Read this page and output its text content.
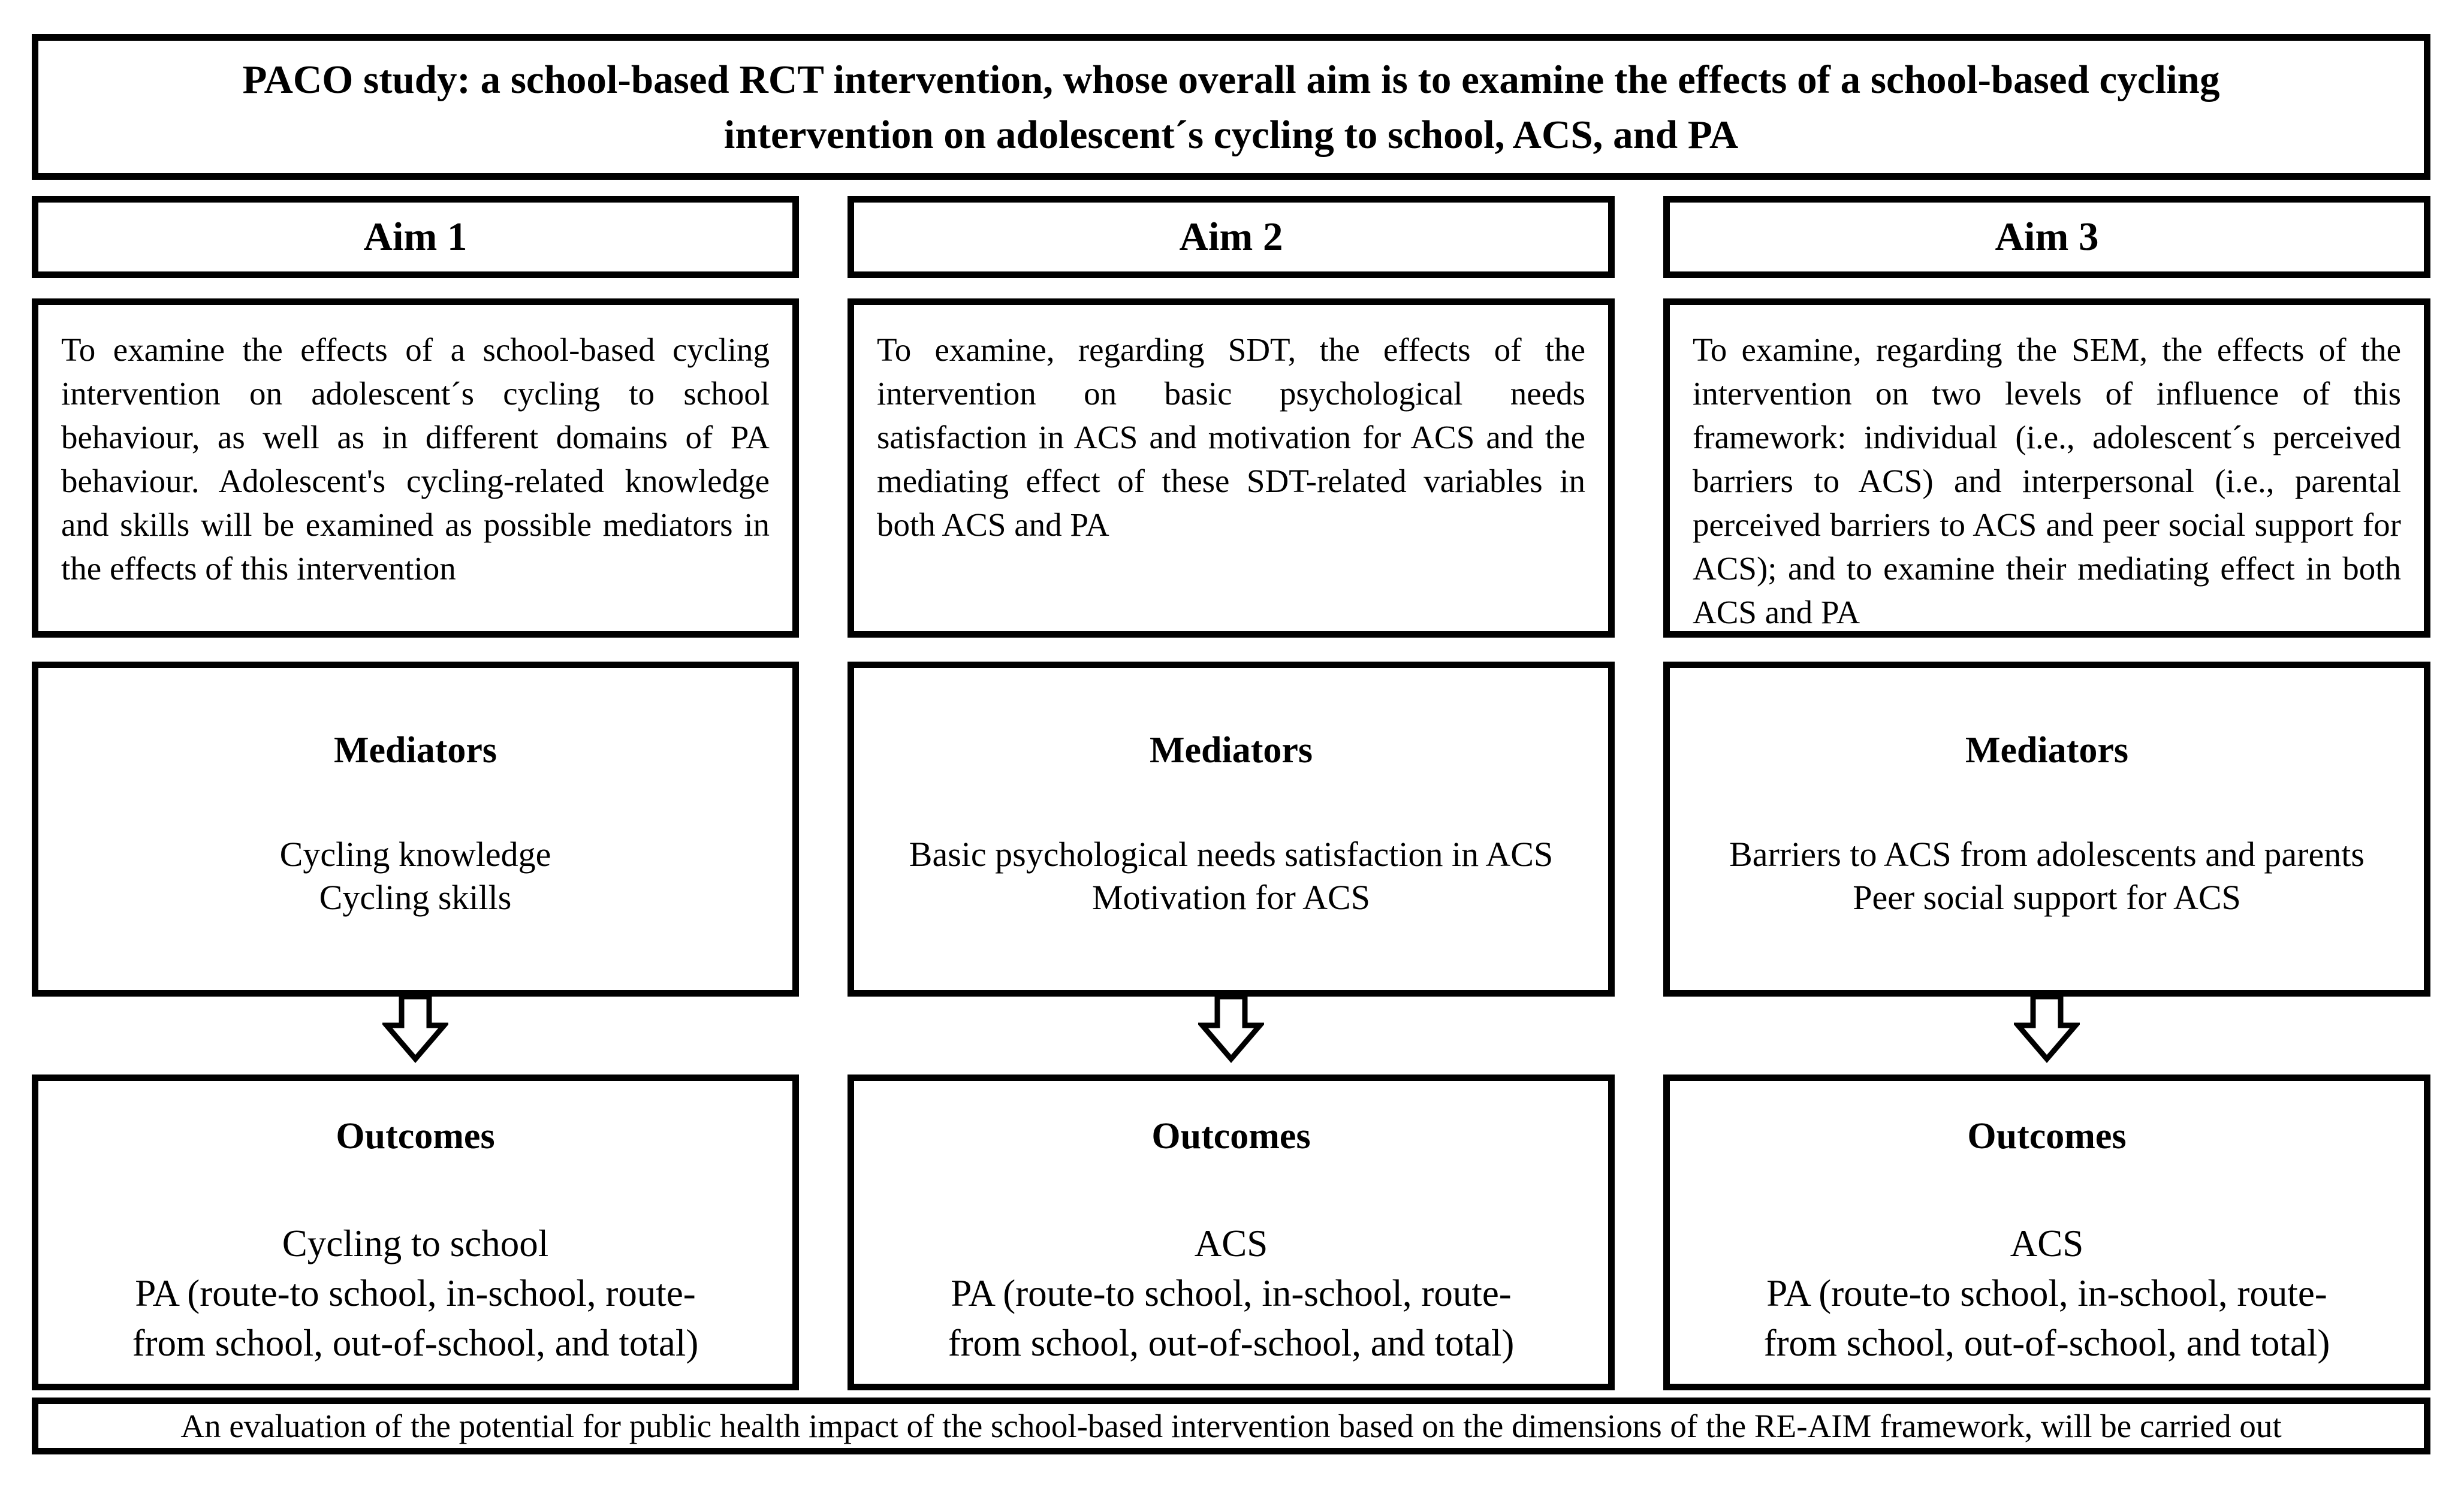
PACO study: a school-based RCT intervention, whose overall aim is to examine the effects of a school-based cycling
intervention on adolescent´s cycling to school, ACS, and PA
Aim 1	Aim 2	Aim 3

To examine the effects of a school-based cycling intervention on adolescent´s cycling to school behaviour, as well as in different domains of PA behaviour. Adolescent's cycling-related knowledge and skills will be examined as possible mediators in the effects of this intervention

To examine, regarding SDT, the effects of the intervention on basic psychological needs satisfaction in ACS and motivation for ACS and the mediating effect of these SDT-related variables in both ACS and PA

To examine, regarding the SEM, the effects of the intervention on two levels of influence of this framework: individual (i.e., adolescent´s perceived barriers to ACS) and interpersonal (i.e., parental perceived barriers to ACS and peer social support for ACS); and to examine their mediating effect in both ACS and PA

Mediators
Cycling knowledge
Cycling skills
Mediators
Basic psychological needs satisfaction in ACS
Motivation for ACS
Mediators
Barriers to ACS from adolescents and parents
Peer social support for ACS
Outcomes
Cycling to school
PA (route-to school, in-school, route-
from school, out-of-school, and total)
Outcomes
ACS
PA (route-to school, in-school, route-
from school, out-of-school, and total)
Outcomes
ACS
PA (route-to school, in-school, route-
from school, out-of-school, and total)
An evaluation of the potential for public health impact of the school-based intervention based on the dimensions of the RE-AIM framework, will be carried out
